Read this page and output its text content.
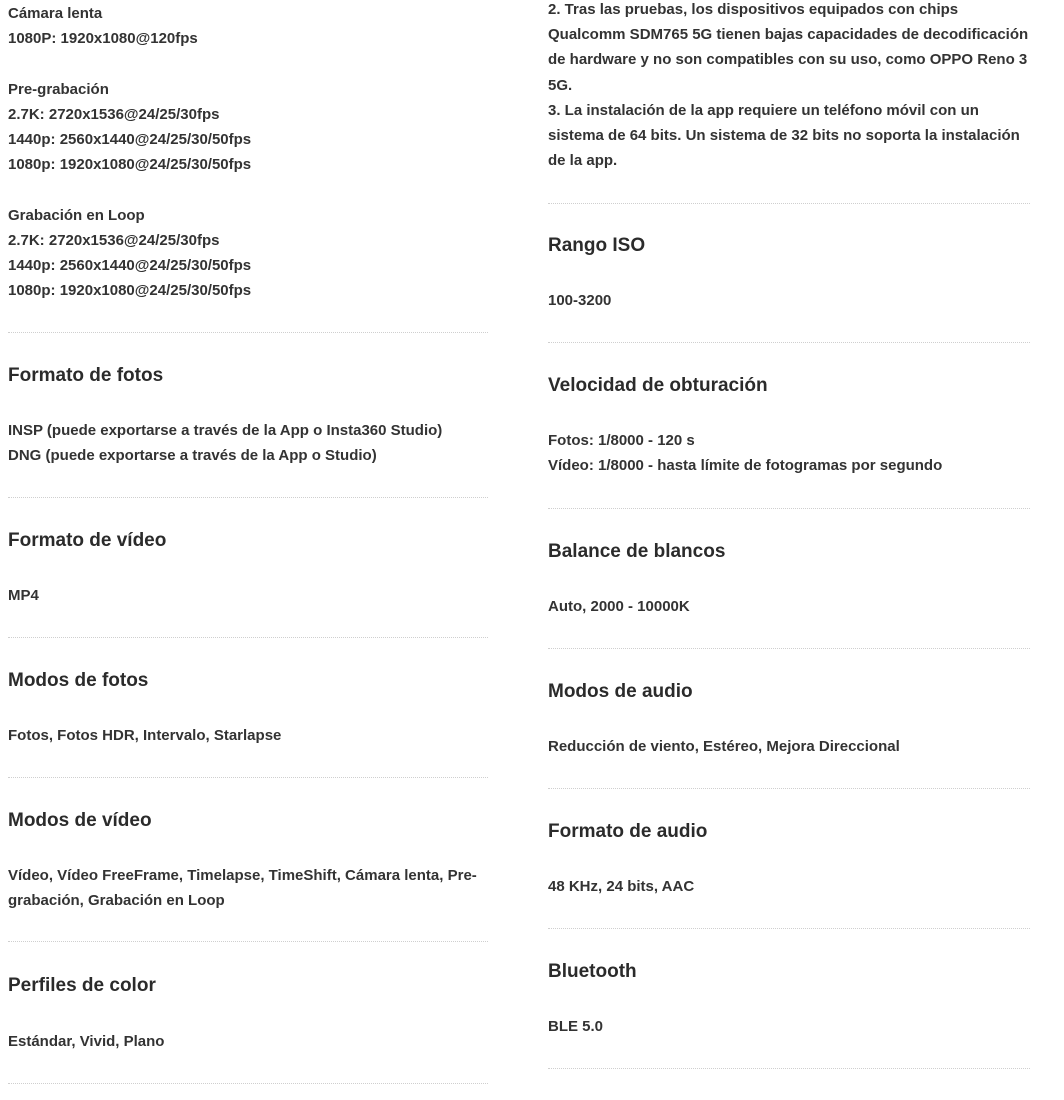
Cámara lenta
1080P: 1920x1080@120fps
Pre-grabación
2.7K: 2720x1536@24/25/30fps
1440p: 2560x1440@24/25/30/50fps
1080p: 1920x1080@24/25/30/50fps
Grabación en Loop
2.7K: 2720x1536@24/25/30fps
1440p: 2560x1440@24/25/30/50fps
1080p: 1920x1080@24/25/30/50fps

Formato de fotos

INSP (puede exportarse a través de la App o Insta360 Studio)
DNG (puede exportarse a través de la App o Studio)

Formato de vídeo

MP4

Modos de fotos

Fotos, Fotos HDR, Intervalo, Starlapse

Modos de vídeo

Vídeo, Vídeo FreeFrame, Timelapse, TimeShift, Cámara lenta, Pre-grabación, Grabación en Loop

Perfiles de color

Estándar, Vivid, Plano

2. Tras las pruebas, los dispositivos equipados con chips Qualcomm SDM765 5G tienen bajas capacidades de decodificación de hardware y no son compatibles con su uso, como OPPO Reno 3 5G.
3. La instalación de la app requiere un teléfono móvil con un sistema de 64 bits. Un sistema de 32 bits no soporta la instalación de la app.

Rango ISO

100-3200

Velocidad de obturación

Fotos: 1/8000 - 120 s
Vídeo: 1/8000 - hasta límite de fotogramas por segundo

Balance de blancos

Auto, 2000 - 10000K

Modos de audio

Reducción de viento, Estéreo, Mejora Direccional

Formato de audio

48 KHz, 24 bits, AAC

Bluetooth

BLE 5.0
